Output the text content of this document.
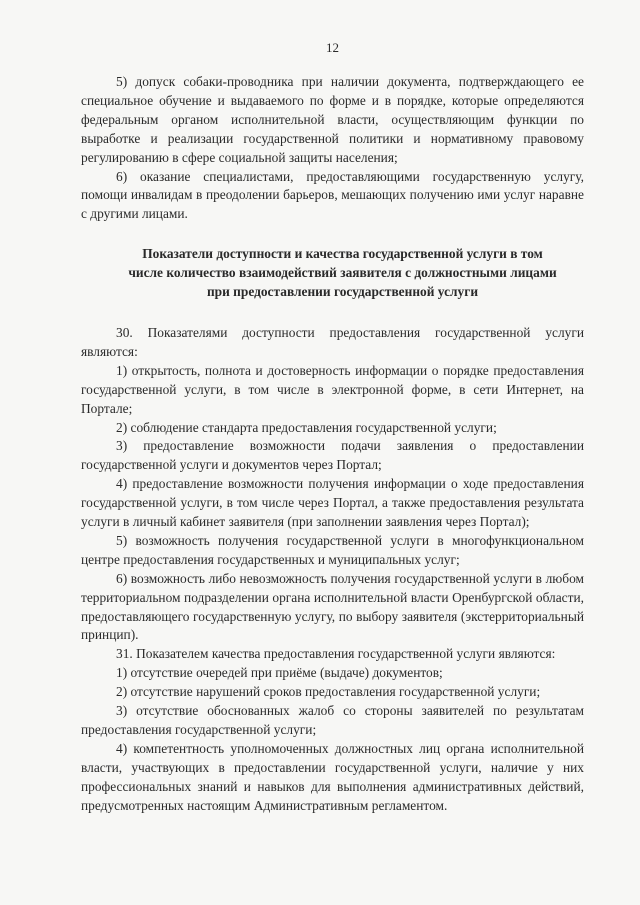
12

5) допуск собаки-проводника при наличии документа, подтверждающего ее специальное обучение и выдаваемого по форме и в порядке, которые определяются федеральным органом исполнительной власти, осуществляющим функции по выработке и реализации государственной политики и нормативному правовому регулированию в сфере социальной защиты населения;

6) оказание специалистами, предоставляющими государственную услугу, помощи инвалидам в преодолении барьеров, мешающих получению ими услуг наравне с другими лицами.

Показатели доступности и качества государственной услуги в том
числе количество взаимодействий заявителя с должностными лицами
при предоставлении государственной услуги

30. Показателями доступности предоставления государственной услуги являются:

1) открытость, полнота и достоверность информации о порядке предоставления государственной услуги, в том числе в электронной форме, в сети Интернет, на Портале;

2) соблюдение стандарта предоставления государственной услуги;

3) предоставление возможности подачи заявления о предоставлении государственной услуги и документов через Портал;

4) предоставление возможности получения информации о ходе предоставления государственной услуги, в том числе через Портал, а также предоставления результата услуги в личный кабинет заявителя (при заполнении заявления через Портал);

5) возможность получения государственной услуги в многофункциональном центре предоставления государственных и муниципальных услуг;

6) возможность либо невозможность получения государственной услуги в любом территориальном подразделении органа исполнительной власти Оренбургской области, предоставляющего государственную услугу, по выбору заявителя (экстерриториальный принцип).

31. Показателем качества предоставления государственной услуги являются:

1) отсутствие очередей при приёме (выдаче) документов;

2) отсутствие нарушений сроков предоставления государственной услуги;

3) отсутствие обоснованных жалоб со стороны заявителей по результатам предоставления государственной услуги;

4) компетентность уполномоченных должностных лиц органа исполнительной власти, участвующих в предоставлении государственной услуги, наличие у них профессиональных знаний и навыков для выполнения административных действий, предусмотренных настоящим Административным регламентом.
